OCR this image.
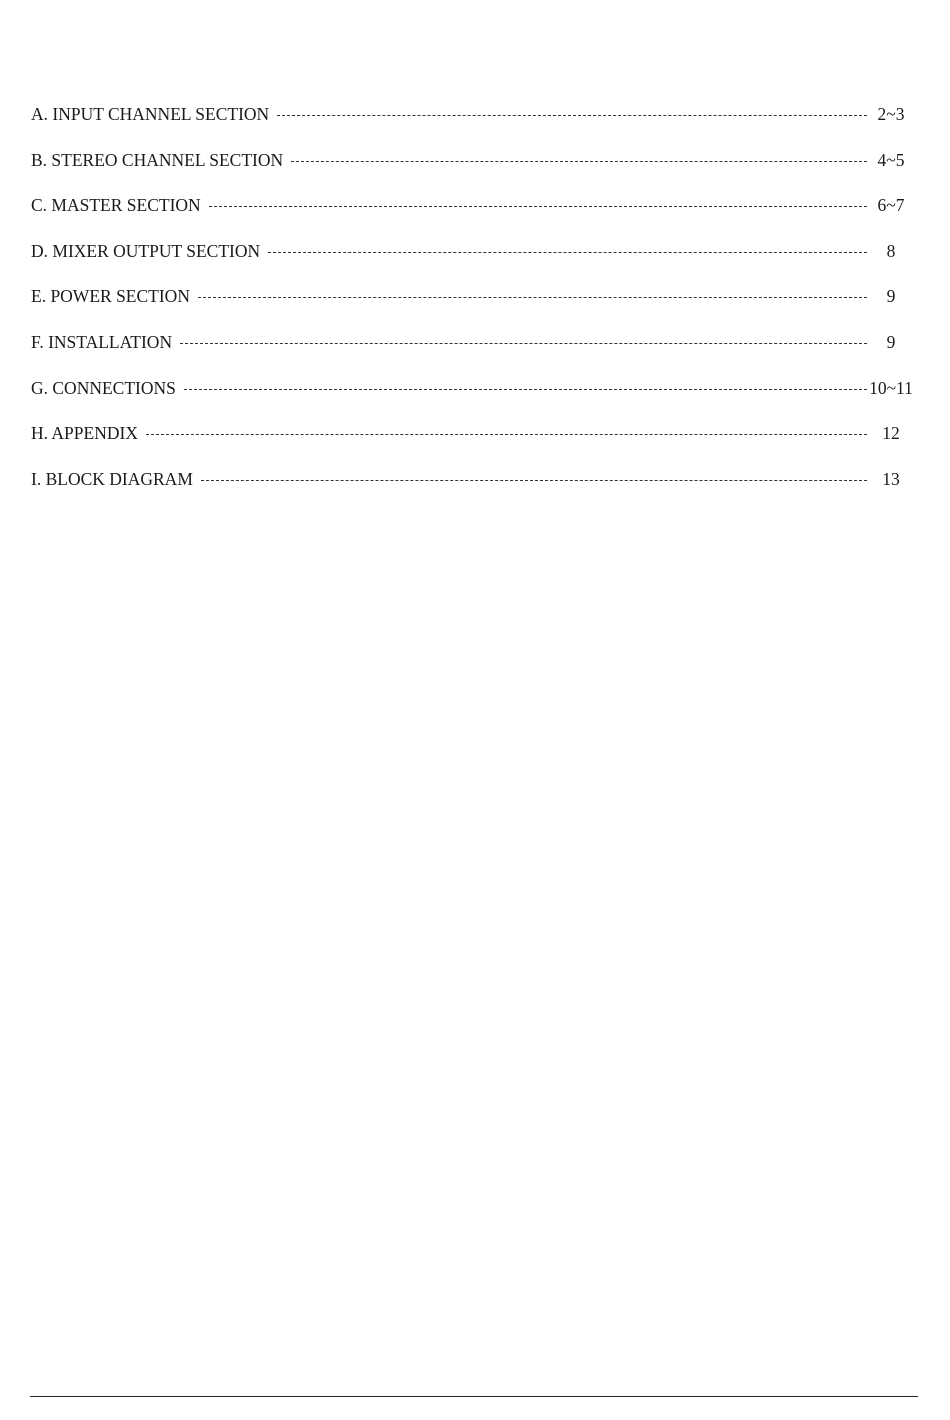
A. INPUT CHANNEL SECTION	2~3
B. STEREO CHANNEL SECTION	4~5
C. MASTER SECTION	6~7
D. MIXER OUTPUT SECTION	8
E. POWER SECTION	9
F. INSTALLATION	9
G. CONNECTIONS	10~11
H. APPENDIX	12
I. BLOCK DIAGRAM	13
